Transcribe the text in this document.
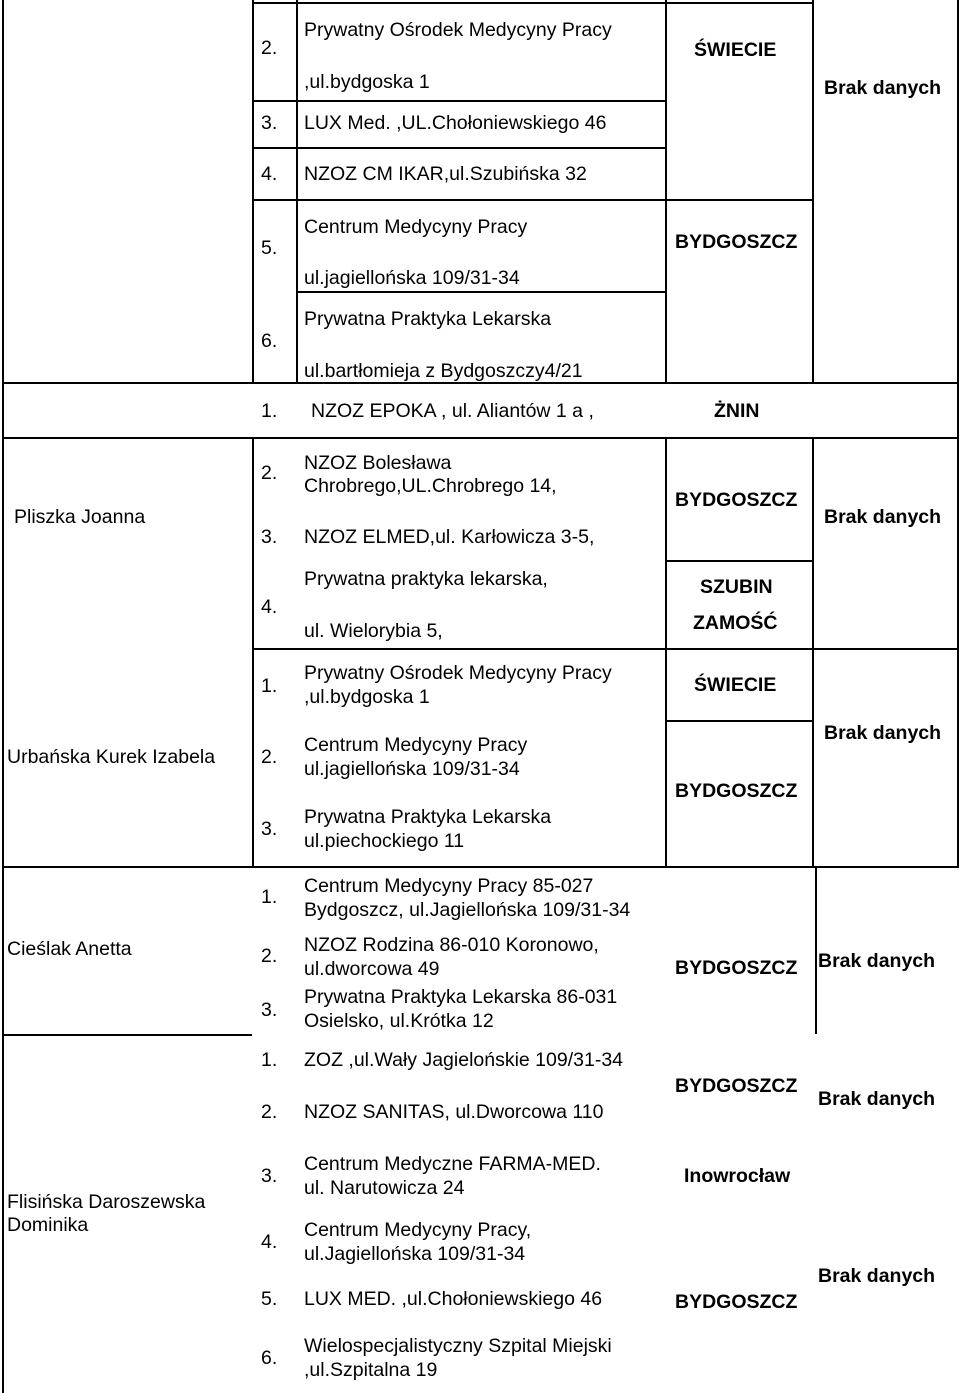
2.
Prywatny Ośrodek Medycyny Pracy
,ul.bydgoska 1
3. LUX Med. ,UL.Chołoniewskiego 46
4. NZOZ CM IKAR,ul.Szubińska 32
5.
Centrum Medycyny Pracy
ul.jagiellońska 109/31-34
6.
Prywatna Praktyka Lekarska
ul.bartłomieja z Bydgoszczy4/21
ŚWIECIE
BYDGOSZCZ
Brak danych
Pliszka Joanna
1. NZOZ EPOKA , ul. Aliantów 1 a ,
2. NZOZ Bolesława
Chrobrego,UL.Chrobrego 14,
3. NZOZ ELMED,ul. Karłowicza 3-5,
4.
Prywatna praktyka lekarska,
ul. Wielorybia 5,
ŻNIN
BYDGOSZCZ
SZUBIN
ZAMOŚĆ
Brak danych
Urbańska Kurek Izabela
1.
Prywatny Ośrodek Medycyny Pracy
,ul.bydgoska 1
2.
Centrum Medycyny Pracy
ul.jagiellońska 109/31-34
3.
Prywatna Praktyka Lekarska
ul.piechockiego 11
ŚWIECIE
BYDGOSZCZ
Brak danych
Cieślak Anetta
1. Centrum Medycyny Pracy 85-027
Bydgoszcz, ul.Jagiellońska 109/31-34
2. NZOZ Rodzina 86-010 Koronowo,
ul.dworcowa 49
3.
Prywatna Praktyka Lekarska 86-031
Osielsko, ul.Krótka 12
BYDGOSZCZ Brak danych
Flisińska Daroszewska
Dominika
1. ZOZ ,ul.Wały Jagielońskie 109/31-34
2. NZOZ SANITAS, ul.Dworcowa 110
3.
Centrum Medyczne FARMA-MED.
ul. Narutowicza 24
4.
Centrum Medycyny Pracy,
ul.Jagiellońska 109/31-34
5. LUX MED. ,ul.Chołoniewskiego 46
6.
Wielospecjalistyczny Szpital Miejski
,ul.Szpitalna 19
BYDGOSZCZ
Inowrocław
BYDGOSZCZ
Brak danych
Brak danych
